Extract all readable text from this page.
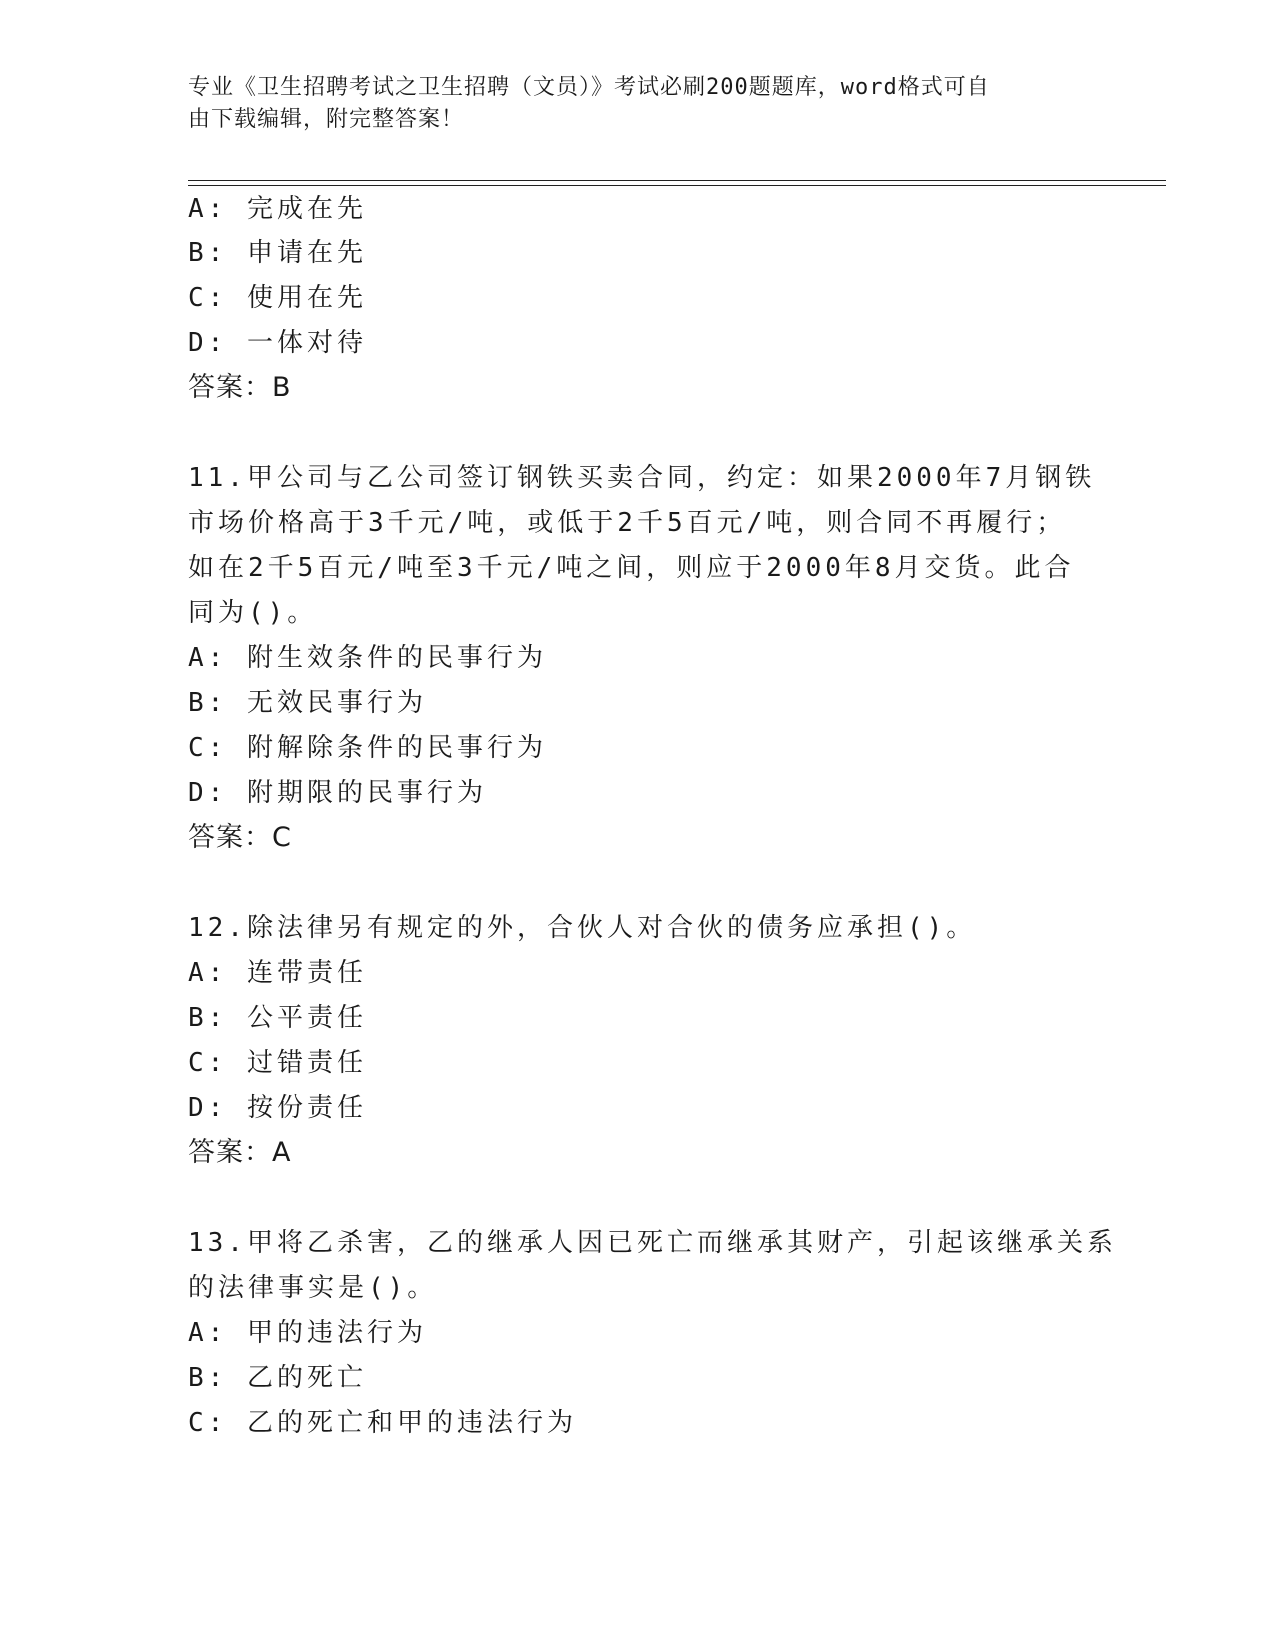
专业《卫生招聘考试之卫生招聘（文员）》考试必刷200题题库，word格式可自
由下载编辑，附完整答案！
A: 完成在先
B: 申请在先
C: 使用在先
D: 一体对待
答案：B
11.甲公司与乙公司签订钢铁买卖合同，约定：如果2000年7月钢铁
市场价格高于3千元/吨，或低于2千5百元/吨，则合同不再履行；
如在2千5百元/吨至3千元/吨之间，则应于2000年8月交货。此合
同为()。
A: 附生效条件的民事行为
B: 无效民事行为
C: 附解除条件的民事行为
D: 附期限的民事行为
答案：C
12.除法律另有规定的外，合伙人对合伙的债务应承担()。
A: 连带责任
B: 公平责任
C: 过错责任
D: 按份责任
答案：A
13.甲将乙杀害，乙的继承人因已死亡而继承其财产，引起该继承关系
的法律事实是()。
A: 甲的违法行为
B: 乙的死亡
C: 乙的死亡和甲的违法行为
